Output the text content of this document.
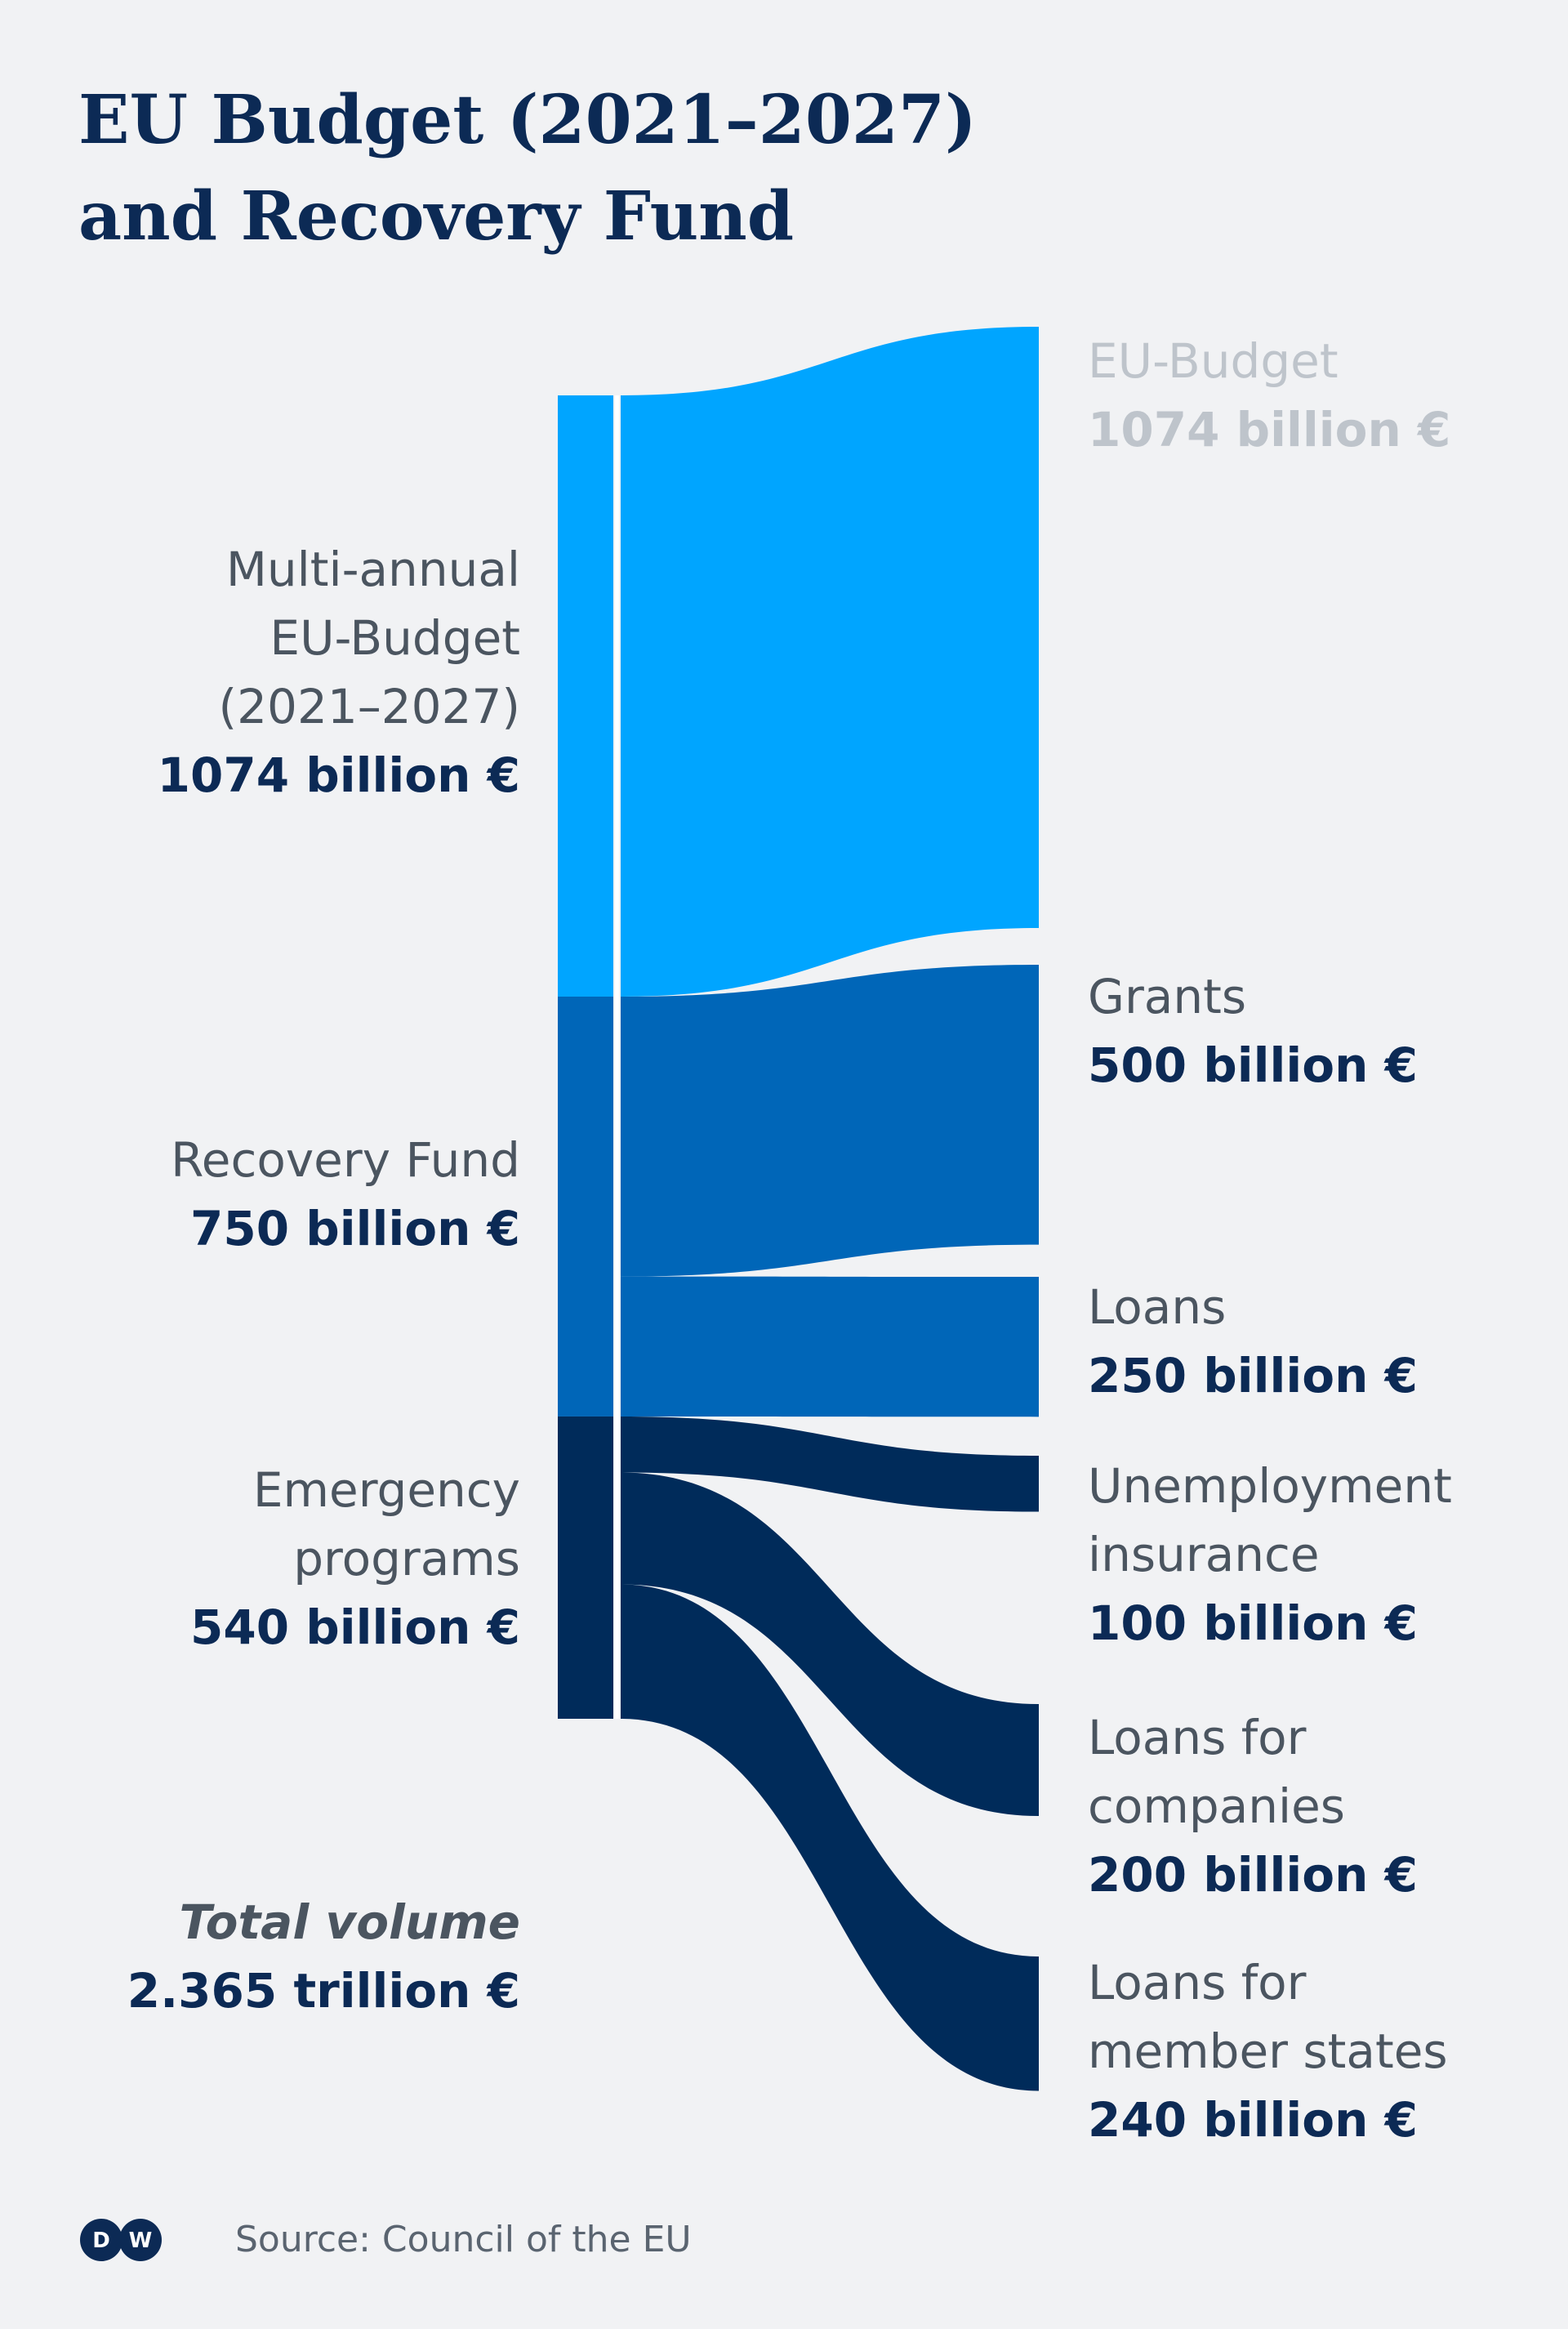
EU Budget (2021–2027)
and Recovery Fund
Multi-annual
EU-Budget
(2021–2027)
1074 billion €
Recovery Fund
750 billion €
Emergency
programs
540 billion €
Total volume
2.365 trillion €
EU-Budget
1074 billion €
Grants
500 billion €
Loans
250 billion €
Unemployment
insurance
100 billion €
Loans for
companies
200 billion €
Loans for
member states
240 billion €
D W Source: Council of the EU
